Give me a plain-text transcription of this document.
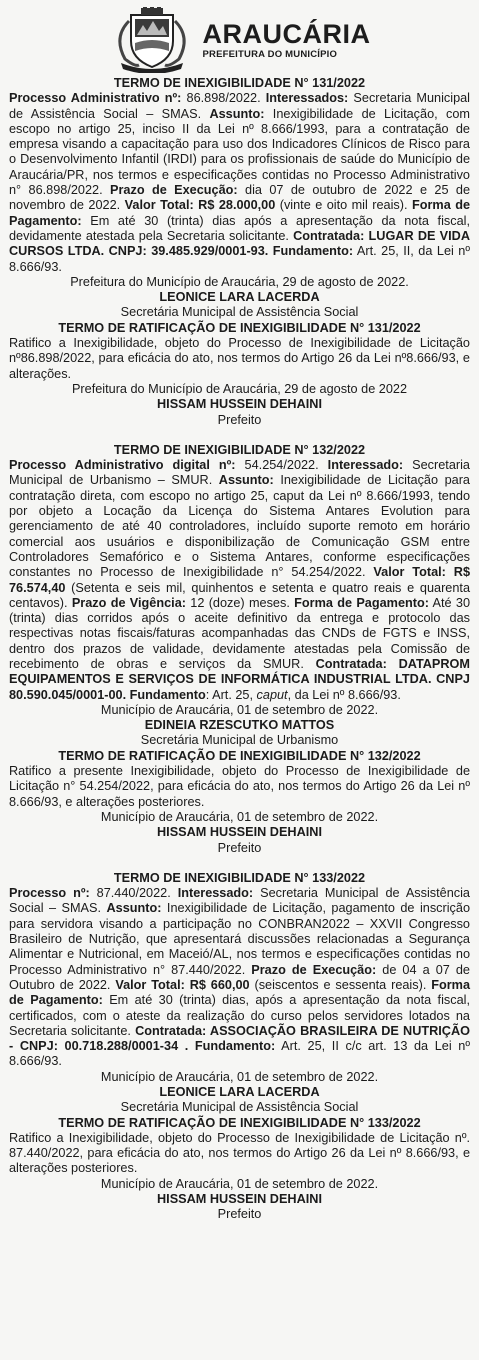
ARAUCÁRIA
PREFEITURA DO MUNICÍPIO

TERMO DE INEXIGIBILIDADE N° 131/2022

Processo Administrativo nº: 86.898/2022. Interessados: Secretaria Municipal de Assistência Social – SMAS. Assunto: Inexigibilidade de Licitação, com escopo no artigo 25, inciso II da Lei nº 8.666/1993, para a contratação de empresa visando a capacitação para uso dos Indicadores Clínicos de Risco para o Desenvolvimento Infantil (IRDI) para os profissionais de saúde do Município de Araucária/PR, nos termos e especificações contidas no Processo Administrativo n° 86.898/2022. Prazo de Execução: dia 07 de outubro de 2022 e 25 de novembro de 2022. Valor Total: R$ 28.000,00 (vinte e oito mil reais). Forma de Pagamento: Em até 30 (trinta) dias após a apresentação da nota fiscal, devidamente atestada pela Secretaria solicitante. Contratada: LUGAR DE VIDA CURSOS LTDA. CNPJ: 39.485.929/0001-93. Fundamento: Art. 25, II, da Lei nº 8.666/93.

Prefeitura do Município de Araucária, 29 de agosto de 2022.

LEONICE LARA LACERDA

Secretária Municipal de Assistência Social

TERMO DE RATIFICAÇÃO DE INEXIGIBILIDADE N° 131/2022

Ratifico a Inexigibilidade, objeto do Processo de Inexigibilidade de Licitação nº86.898/2022, para eficácia do ato, nos termos do Artigo 26 da Lei nº8.666/93, e alterações.

Prefeitura do Município de Araucária, 29 de agosto de 2022

HISSAM HUSSEIN DEHAINI

Prefeito

TERMO DE INEXIGIBILIDADE N° 132/2022

Processo Administrativo digital nº: 54.254/2022. Interessado: Secretaria Municipal de Urbanismo – SMUR. Assunto: Inexigibilidade de Licitação para contratação direta, com escopo no artigo 25, caput da Lei nº 8.666/1993, tendo por objeto a Locação da Licença do Sistema Antares Evolution para gerenciamento de até 40 controladores, incluído suporte remoto em horário comercial aos usuários e disponibilização de Comunicação GSM entre Controladores Semafórico e o Sistema Antares, conforme especificações constantes no Processo de Inexigibilidade n° 54.254/2022. Valor Total: R$ 76.574,40 (Setenta e seis mil, quinhentos e setenta e quatro reais e quarenta centavos). Prazo de Vigência: 12 (doze) meses. Forma de Pagamento: Até 30 (trinta) dias corridos após o aceite definitivo da entrega e protocolo das respectivas notas fiscais/faturas acompanhadas das CNDs de FGTS e INSS, dentro dos prazos de validade, devidamente atestadas pela Comissão de recebimento de obras e serviços da SMUR. Contratada: DATAPROM EQUIPAMENTOS E SERVIÇOS DE INFORMÁTICA INDUSTRIAL LTDA. CNPJ 80.590.045/0001-00. Fundamento: Art. 25, caput, da Lei nº 8.666/93.

Município de Araucária, 01 de setembro de 2022.

EDINEIA RZESCUTKO MATTOS

Secretária Municipal de Urbanismo

TERMO DE RATIFICAÇÃO DE INEXIGIBILIDADE N° 132/2022

Ratifico a presente Inexigibilidade, objeto do Processo de Inexigibilidade de Licitação n° 54.254/2022, para eficácia do ato, nos termos do Artigo 26 da Lei nº 8.666/93, e alterações posteriores.

Município de Araucária, 01 de setembro de 2022.

HISSAM HUSSEIN DEHAINI

Prefeito

TERMO DE INEXIGIBILIDADE N° 133/2022

Processo nº: 87.440/2022. Interessado: Secretaria Municipal de Assistência Social – SMAS. Assunto: Inexigibilidade de Licitação, pagamento de inscrição para servidora visando a participação no CONBRAN2022 – XXVII Congresso Brasileiro de Nutrição, que apresentará discussões relacionadas a Segurança Alimentar e Nutricional, em Maceió/AL, nos termos e especificações contidas no Processo Administrativo n° 87.440/2022. Prazo de Execução: de 04 a 07 de Outubro de 2022. Valor Total: R$ 660,00 (seiscentos e sessenta reais). Forma de Pagamento: Em até 30 (trinta) dias, após a apresentação da nota fiscal, certificados, com o ateste da realização do curso pelos servidores lotados na Secretaria solicitante. Contratada: ASSOCIAÇÃO BRASILEIRA DE NUTRIÇÃO - CNPJ: 00.718.288/0001-34 . Fundamento: Art. 25, II c/c art. 13 da Lei nº 8.666/93.

Município de Araucária, 01 de setembro de 2022.

LEONICE LARA LACERDA

Secretária Municipal de Assistência Social

TERMO DE RATIFICAÇÃO DE INEXIGIBILIDADE N° 133/2022

Ratifico a Inexigibilidade, objeto do Processo de Inexigibilidade de Licitação nº. 87.440/2022, para eficácia do ato, nos termos do Artigo 26 da Lei nº 8.666/93, e alterações posteriores.

Município de Araucária, 01 de setembro de 2022.

HISSAM HUSSEIN DEHAINI

Prefeito
